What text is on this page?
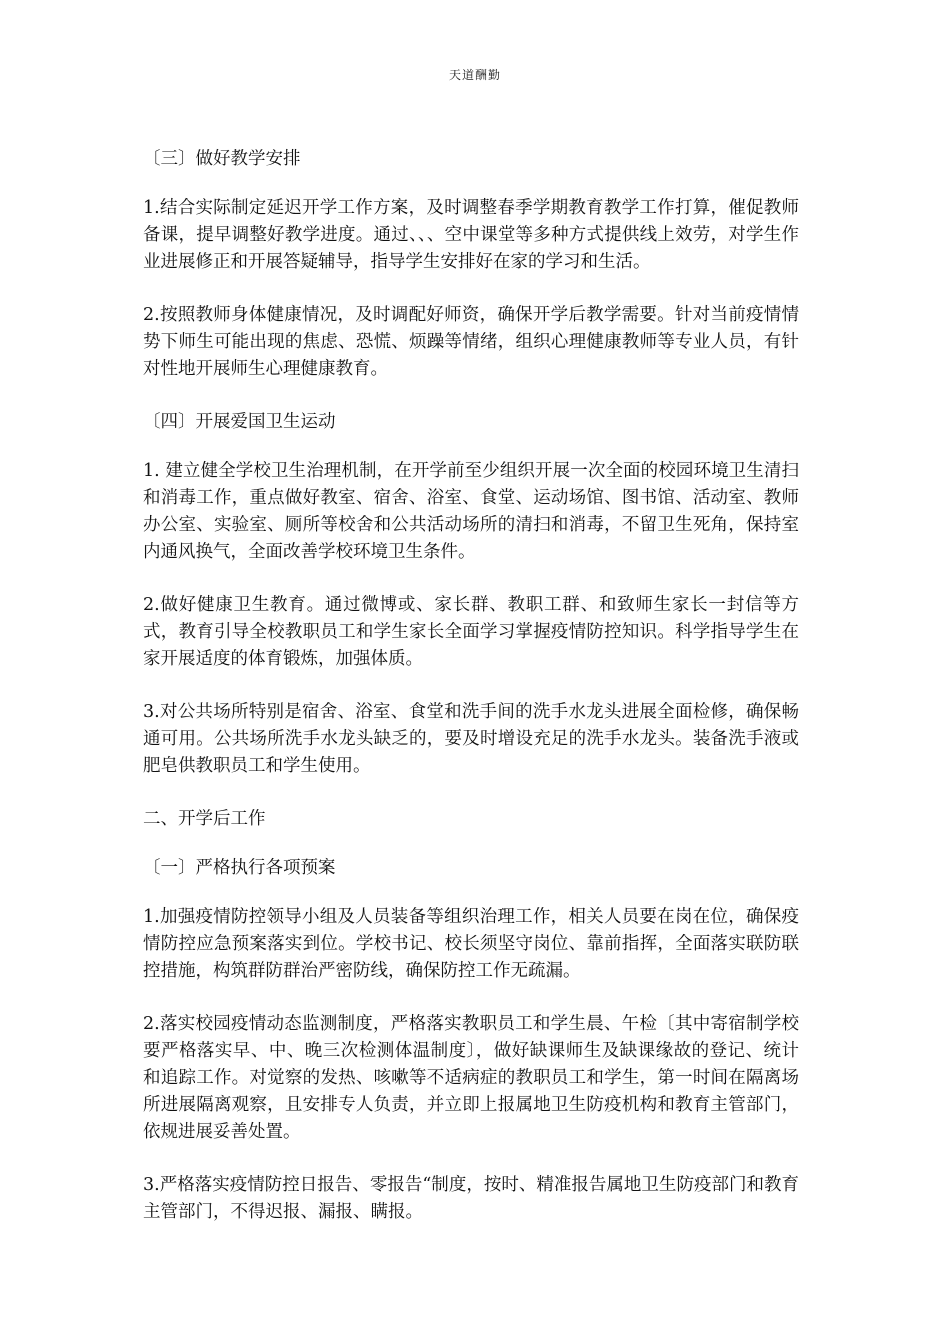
天道酬勤

〔三〕做好教学安排

1.结合实际制定延迟开学工作方案，及时调整春季学期教育教学工作打算，催促教师备课，提早调整好教学进度。通过、、、空中课堂等多种方式提供线上效劳，对学生作业进展修正和开展答疑辅导，指导学生安排好在家的学习和生活。

2.按照教师身体健康情况，及时调配好师资，确保开学后教学需要。针对当前疫情情势下师生可能出现的焦虑、恐慌、烦躁等情绪，组织心理健康教师等专业人员，有针对性地开展师生心理健康教育。

〔四〕开展爱国卫生运动

1. 建立健全学校卫生治理机制，在开学前至少组织开展一次全面的校园环境卫生清扫和消毒工作，重点做好教室、宿舍、浴室、食堂、运动场馆、图书馆、活动室、教师办公室、实验室、厕所等校舍和公共活动场所的清扫和消毒，不留卫生死角，保持室内通风换气，全面改善学校环境卫生条件。

2.做好健康卫生教育。通过微博或、家长群、教职工群、和致师生家长一封信等方式，教育引导全校教职员工和学生家长全面学习掌握疫情防控知识。科学指导学生在家开展适度的体育锻炼，加强体质。

3.对公共场所特别是宿舍、浴室、食堂和洗手间的洗手水龙头进展全面检修，确保畅通可用。公共场所洗手水龙头缺乏的，要及时增设充足的洗手水龙头。装备洗手液或肥皂供教职员工和学生使用。

二、开学后工作

〔一〕严格执行各项预案

1.加强疫情防控领导小组及人员装备等组织治理工作，相关人员要在岗在位，确保疫情防控应急预案落实到位。学校书记、校长须坚守岗位、靠前指挥，全面落实联防联控措施，构筑群防群治严密防线，确保防控工作无疏漏。

2.落实校园疫情动态监测制度，严格落实教职员工和学生晨、午检〔其中寄宿制学校要严格落实早、中、晚三次检测体温制度〕，做好缺课师生及缺课缘故的登记、统计和追踪工作。对觉察的发热、咳嗽等不适病症的教职员工和学生，第一时间在隔离场所进展隔离观察，且安排专人负责，并立即上报属地卫生防疫机构和教育主管部门，依规进展妥善处置。

3.严格落实疫情防控日报告、零报告“制度，按时、精准报告属地卫生防疫部门和教育主管部门，不得迟报、漏报、瞒报。
